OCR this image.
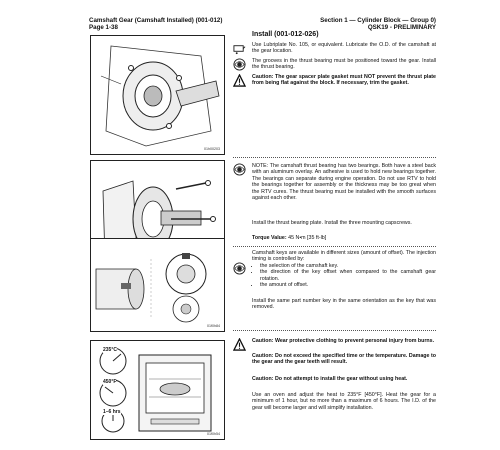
Camshaft Gear (Camshaft Installed) (001-012)
Page 1-38
Section 1 — Cylinder Block — Group 0)
QSK19 - PRELIMINARY
01h00203
01f0h84
235°C
450°F
1–6 hrs
01f0h54
Install (001-012-026)
Use Lubriplate No. 105, or equivalent. Lubricate the O.D. of the camshaft at the gear location.
The grooves in the thrust bearing must be positioned toward the gear. Install the thrust bearing.
Caution: The gear spacer plate gasket must NOT prevent the thrust plate from being flat against the block. If necessary, trim the gasket.
NOTE: The camshaft thrust bearing has two bearings. Both have a steel back with an aluminum overlay. An adhesive is used to hold new bearings together. The bearings can separate during engine operation. Do not use RTV to hold the bearings together for assembly or the thickness may be too great when the RTV cures. The thrust bearing must be installed with the smooth surfaces against each other.
Install the thrust bearing plate. Install the three mounting capscrews.
Torque Value: 45 N•m [35 ft-lb]
Camshaft keys are available in different sizes (amount of offset). The injection timing is controlled by:
• the selection of the camshaft key.
• the direction of the key offset when compared to the camshaft gear rotation.
• the amount of offset.
Install the same part number key in the same orientation as the key that was removed.
Caution: Wear protective clothing to prevent personal injury from burns.
Caution: Do not exceed the specified time or the temperature. Damage to the gear and the gear teeth will result.
Caution: Do not attempt to install the gear without using heat.
Use an oven and adjust the heat to 235°F [450°F]. Heat the gear for a minimum of 1 hour, but no more than a maximum of 6 hours. The I.D. of the gear will become larger and will simplify installation.
